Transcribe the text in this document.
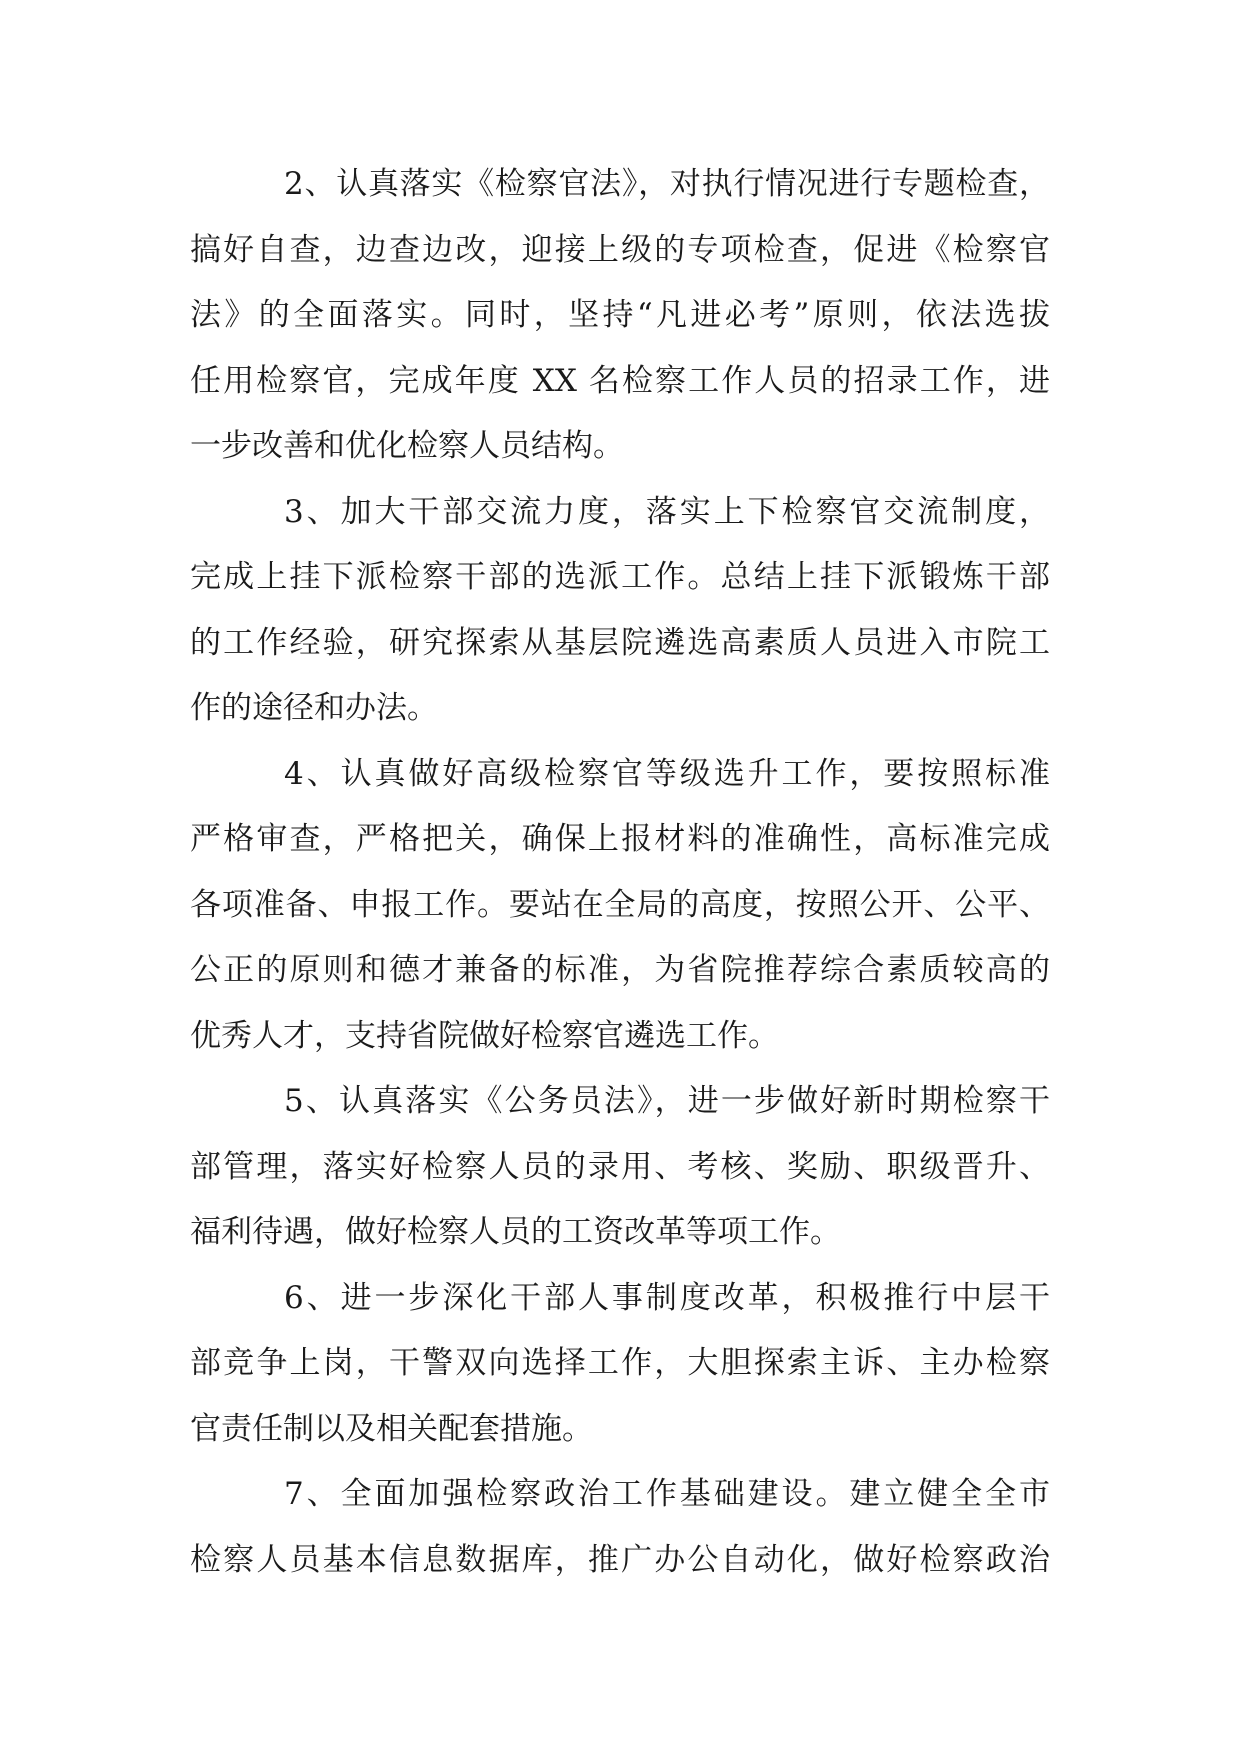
2、认真落实《检察官法》，对执行情况进行专题检查，
搞好自查，边查边改，迎接上级的专项检查，促进《检察官
法》的全面落实。同时，坚持“凡进必考”原则，依法选拔
任用检察官，完成年度 XX 名检察工作人员的招录工作，进
一步改善和优化检察人员结构。
3、加大干部交流力度，落实上下检察官交流制度，
完成上挂下派检察干部的选派工作。总结上挂下派锻炼干部
的工作经验，研究探索从基层院遴选高素质人员进入市院工
作的途径和办法。
4、认真做好高级检察官等级选升工作，要按照标准
严格审查，严格把关，确保上报材料的准确性，高标准完成
各项准备、申报工作。要站在全局的高度，按照公开、公平、
公正的原则和德才兼备的标准，为省院推荐综合素质较高的
优秀人才，支持省院做好检察官遴选工作。
5、认真落实《公务员法》，进一步做好新时期检察干
部管理，落实好检察人员的录用、考核、奖励、职级晋升、
福利待遇，做好检察人员的工资改革等项工作。
6、进一步深化干部人事制度改革，积极推行中层干
部竞争上岗，干警双向选择工作，大胆探索主诉、主办检察
官责任制以及相关配套措施。
7、全面加强检察政治工作基础建设。建立健全全市
检察人员基本信息数据库，推广办公自动化，做好检察政治
